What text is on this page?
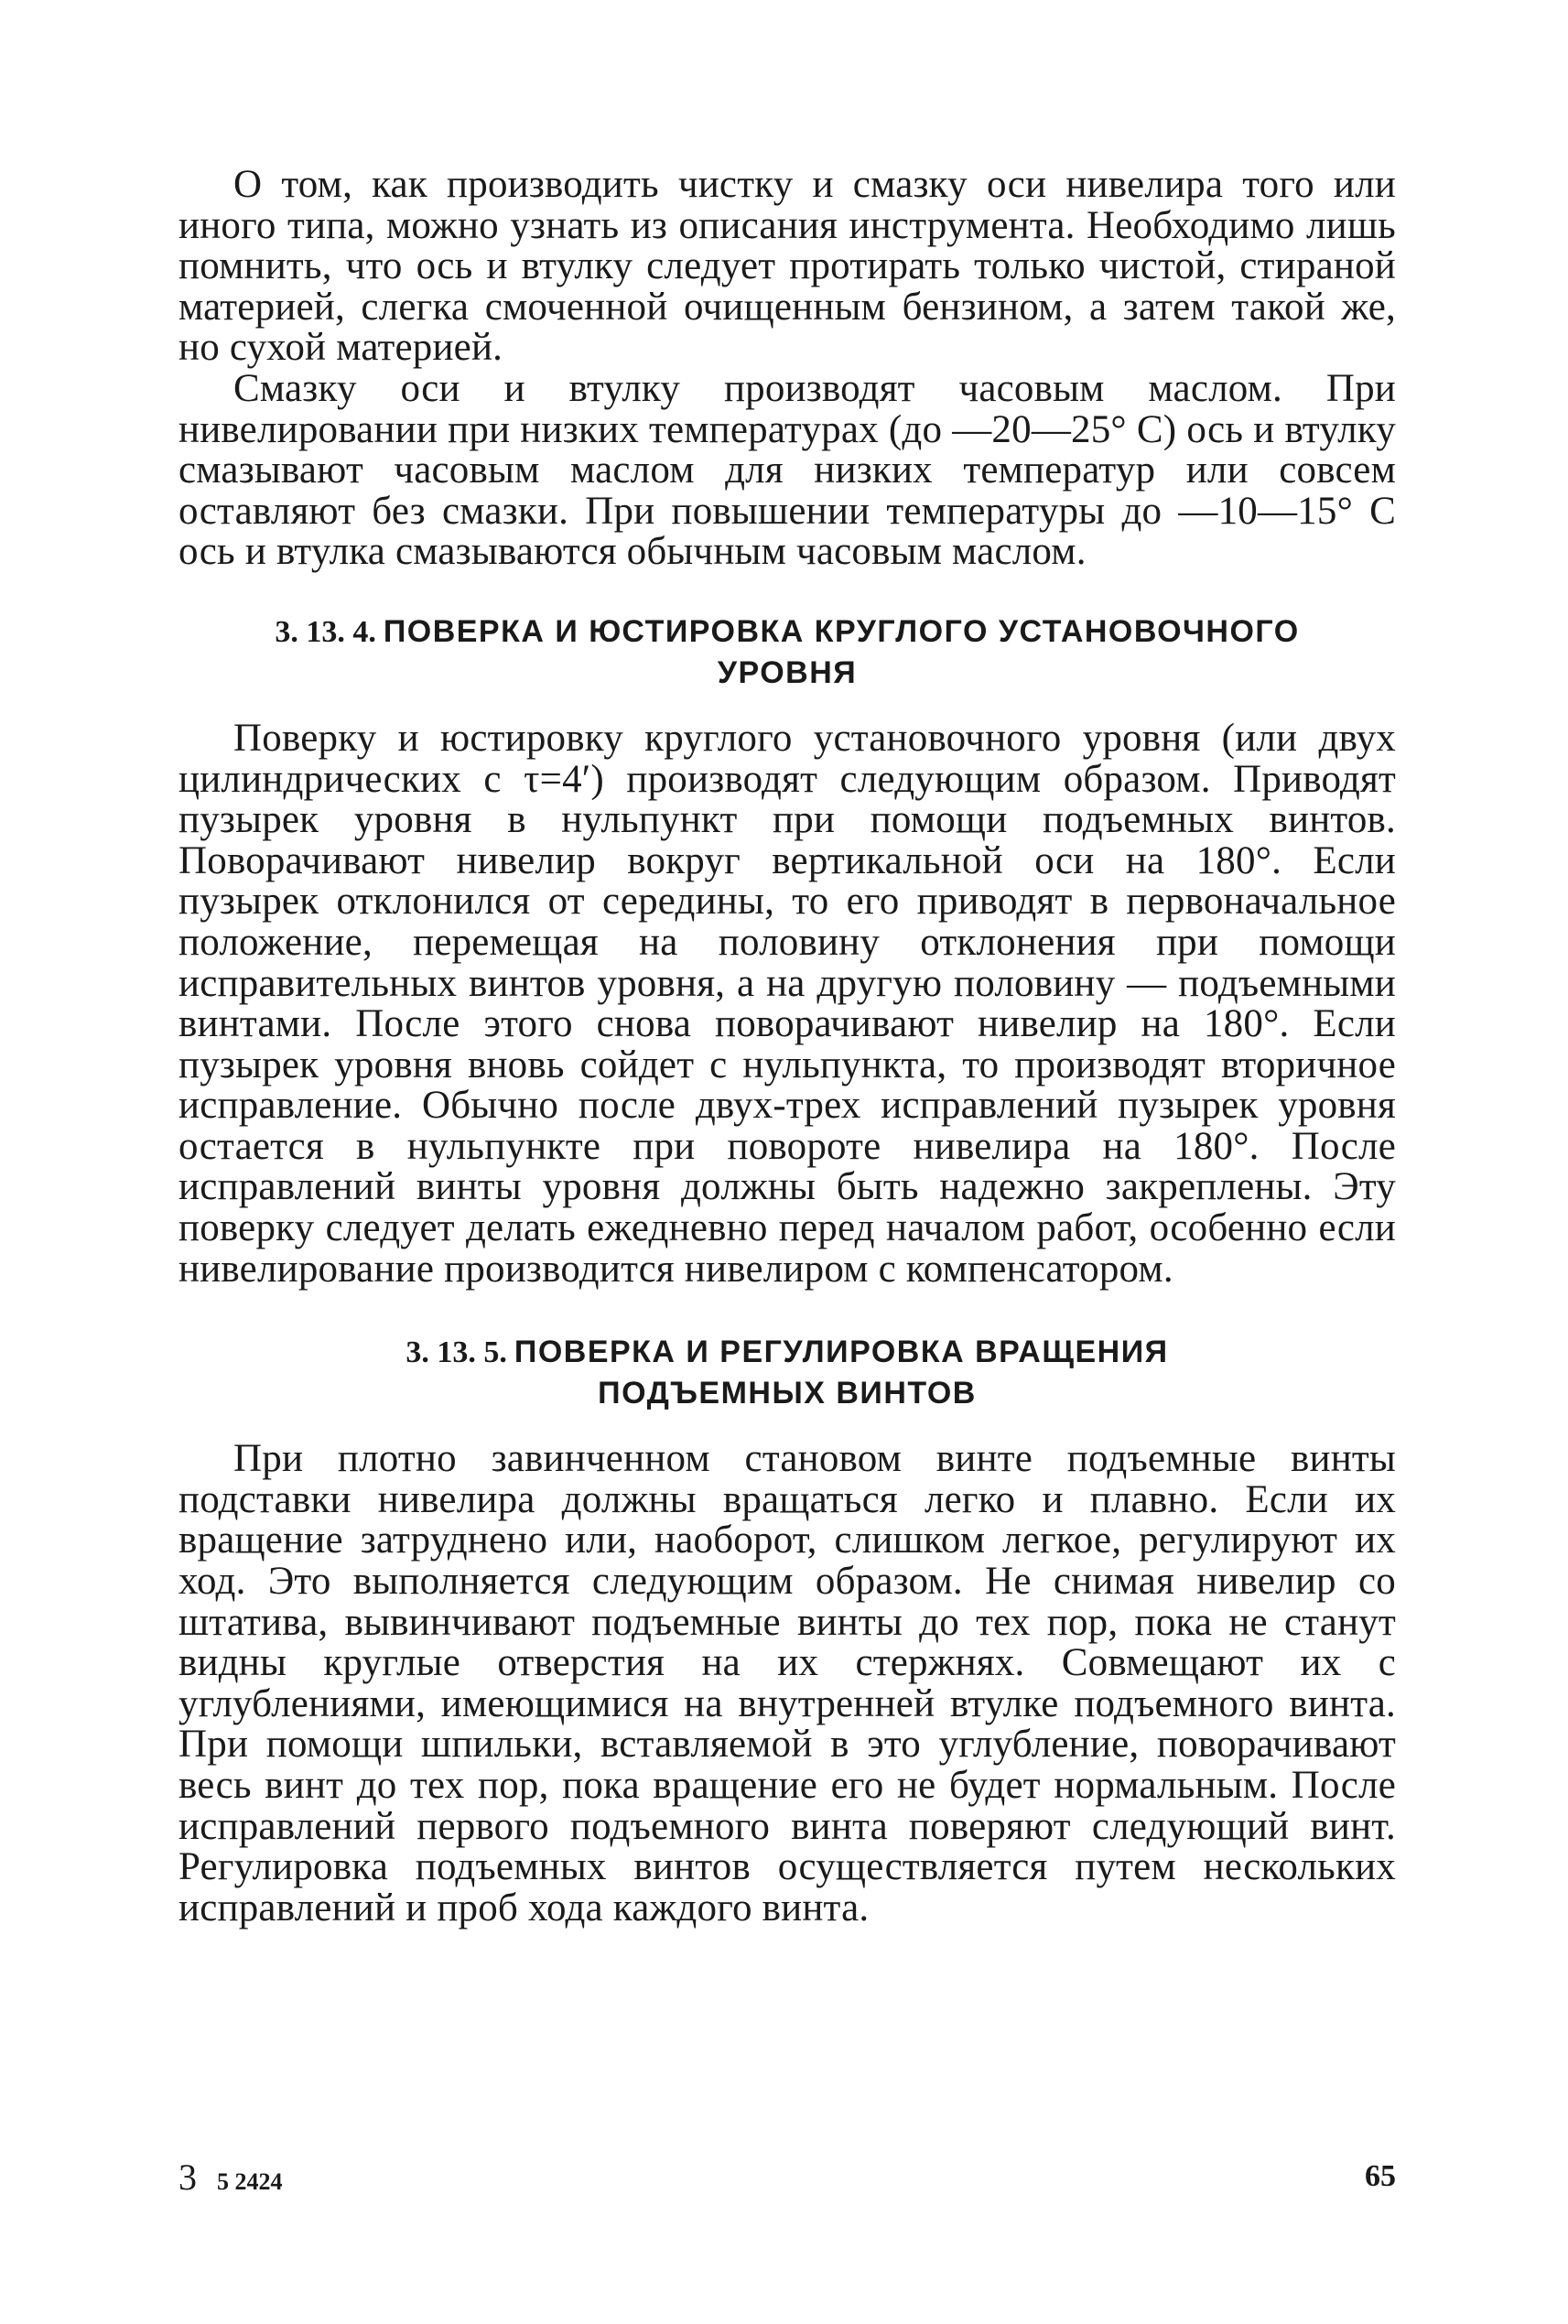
О том, как производить чистку и смазку оси нивелира того или иного типа, можно узнать из описания инструмента. Необходимо лишь помнить, что ось и втулку следует протирать только чистой, стираной материей, слегка смоченной очищенным бензином, а затем такой же, но сухой материей.

Смазку оси и втулку производят часовым маслом. При нивелировании при низких температурах (до —20—25° С) ось и втулку смазывают часовым маслом для низких температур или совсем оставляют без смазки. При повышении температуры до —10—15° С ось и втулка смазываются обычным часовым маслом.

3. 13. 4. ПОВЕРКА И ЮСТИРОВКА КРУГЛОГО УСТАНОВОЧНОГО

УРОВНЯ

Поверку и юстировку круглого установочного уровня (или двух цилиндрических с τ=4′) производят следующим образом. Приводят пузырек уровня в нульпункт при помощи подъемных винтов. Поворачивают нивелир вокруг вертикальной оси на 180°. Если пузырек отклонился от середины, то его приводят в первоначальное положение, перемещая на половину отклонения при помощи исправительных винтов уровня, а на другую половину — подъемными винтами. После этого снова поворачивают нивелир на 180°. Если пузырек уровня вновь сойдет с нульпункта, то производят вторичное исправление. Обычно после двух-трех исправлений пузырек уровня остается в нульпункте при повороте нивелира на 180°. После исправлений винты уровня должны быть надежно закреплены. Эту поверку следует делать ежедневно перед началом работ, особенно если нивелирование производится нивелиром с компенсатором.

3. 13. 5. ПОВЕРКА И РЕГУЛИРОВКА ВРАЩЕНИЯ

ПОДЪЕМНЫХ ВИНТОВ

При плотно завинченном становом винте подъемные винты подставки нивелира должны вращаться легко и плавно. Если их вращение затруднено или, наоборот, слишком легкое, регулируют их ход. Это выполняется следующим образом. Не снимая нивелир со штатива, вывинчивают подъемные винты до тех пор, пока не станут видны круглые отверстия на их стержнях. Совмещают их с углублениями, имеющимися на внутренней втулке подъемного винта. При помощи шпильки, вставляемой в это углубление, поворачивают весь винт до тех пор, пока вращение его не будет нормальным. После исправлений первого подъемного винта поверяют следующий винт. Регулировка подъемных винтов осуществляется путем нескольких исправлений и проб хода каждого винта.

3 5 2424	65
